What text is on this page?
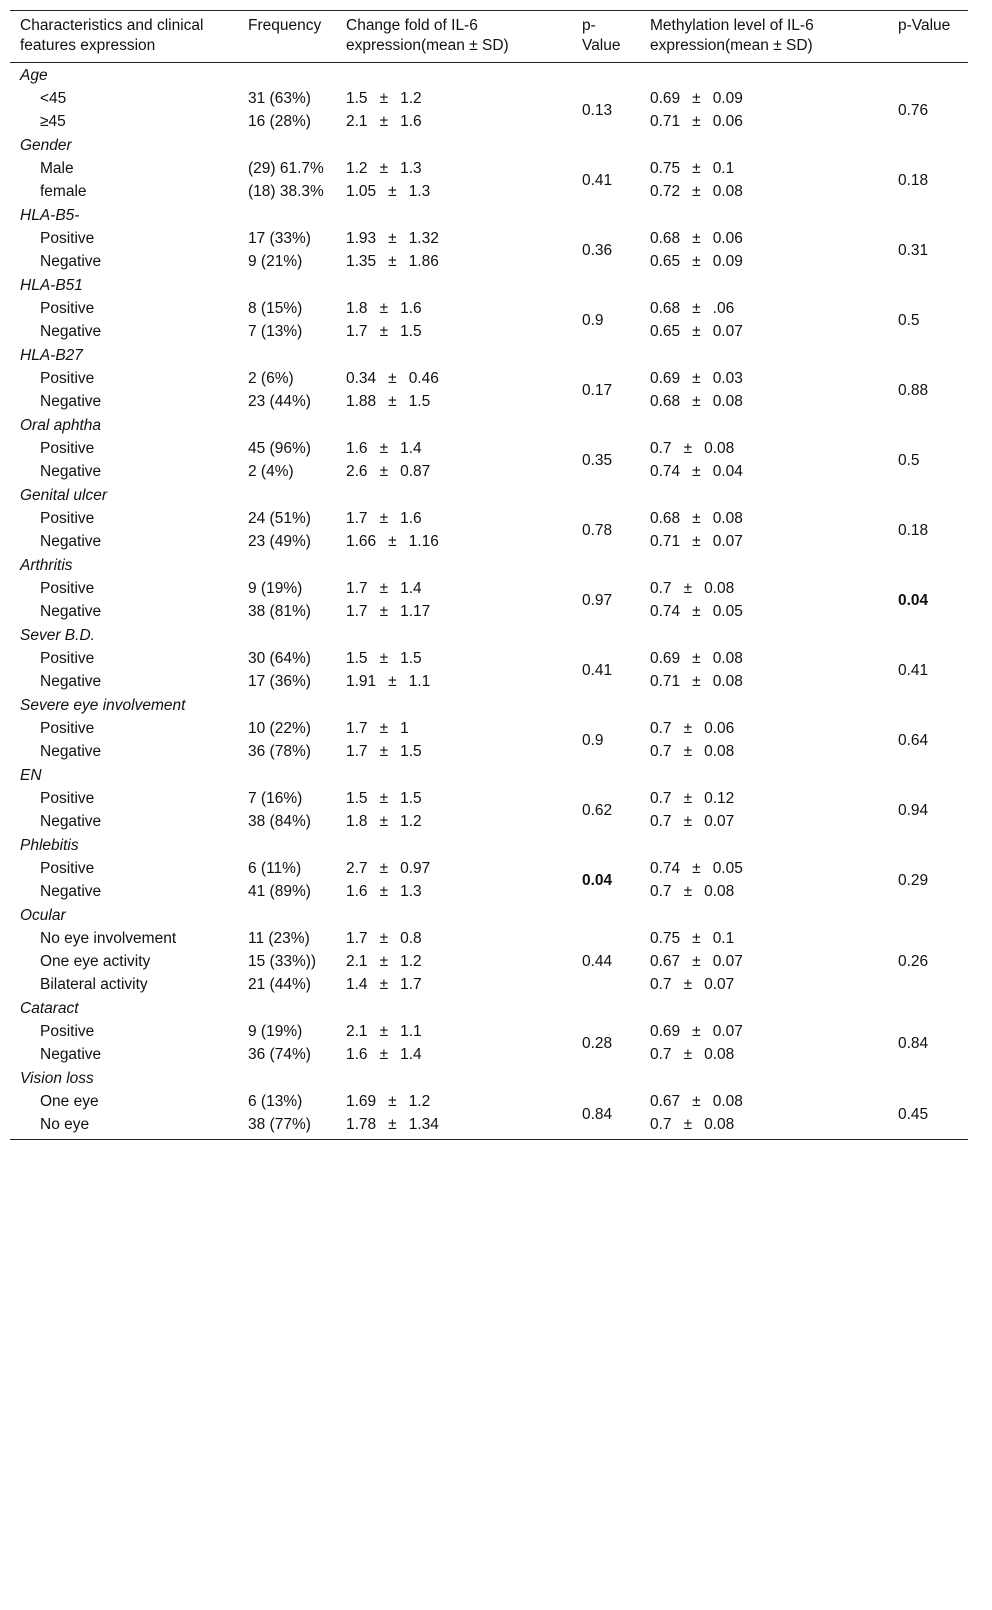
Characteristics and clinical features expression	Frequency	Change fold of IL-6 expression(mean ± SD)	p-Value	Methylation level of IL-6 expression(mean ± SD)	p-Value
Age					
<45	31 (63%)	1.5 ± 1.2	0.13	0.69 ± 0.09	0.76
≥45	16 (28%)	2.1 ± 1.6		0.71 ± 0.06	
Gender					
Male	(29) 61.7%	1.2 ± 1.3	0.41	0.75 ± 0.1	0.18
female	(18) 38.3%	1.05 ± 1.3		0.72 ± 0.08	
HLA-B5-					
Positive	17 (33%)	1.93 ± 1.32	0.36	0.68 ± 0.06	0.31
Negative	9 (21%)	1.35 ± 1.86		0.65 ± 0.09	
HLA-B51					
Positive	8 (15%)	1.8 ± 1.6	0.9	0.68 ± .06	0.5
Negative	7 (13%)	1.7 ± 1.5		0.65 ± 0.07	
HLA-B27					
Positive	2 (6%)	0.34 ± 0.46	0.17	0.69 ± 0.03	0.88
Negative	23 (44%)	1.88 ± 1.5		0.68 ± 0.08	
Oral aphtha					
Positive	45 (96%)	1.6 ± 1.4	0.35	0.7 ± 0.08	0.5
Negative	2 (4%)	2.6 ± 0.87		0.74 ± 0.04	
Genital ulcer					
Positive	24 (51%)	1.7 ± 1.6	0.78	0.68 ± 0.08	0.18
Negative	23 (49%)	1.66 ± 1.16		0.71 ± 0.07	
Arthritis					
Positive	9 (19%)	1.7 ± 1.4	0.97	0.7 ± 0.08	0.04
Negative	38 (81%)	1.7 ± 1.17		0.74 ± 0.05	
Sever B.D.					
Positive	30 (64%)	1.5 ± 1.5	0.41	0.69 ± 0.08	0.41
Negative	17 (36%)	1.91 ± 1.1		0.71 ± 0.08	
Severe eye involvement					
Positive	10 (22%)	1.7 ± 1	0.9	0.7 ± 0.06	0.64
Negative	36 (78%)	1.7 ± 1.5		0.7 ± 0.08	
EN					
Positive	7 (16%)	1.5 ± 1.5	0.62	0.7 ± 0.12	0.94
Negative	38 (84%)	1.8 ± 1.2		0.7 ± 0.07	
Phlebitis					
Positive	6 (11%)	2.7 ± 0.97	0.04	0.74 ± 0.05	0.29
Negative	41 (89%)	1.6 ± 1.3		0.7 ± 0.08	
Ocular					
No eye involvement	11 (23%)	1.7 ± 0.8	0.44	0.75 ± 0.1	0.26
One eye activity	15 (33%))	2.1 ± 1.2		0.67 ± 0.07	
Bilateral activity	21 (44%)	1.4 ± 1.7		0.7 ± 0.07	
Cataract					
Positive	9 (19%)	2.1 ± 1.1	0.28	0.69 ± 0.07	0.84
Negative	36 (74%)	1.6 ± 1.4		0.7 ± 0.08	
Vision loss					
One eye	6 (13%)	1.69 ± 1.2	0.84	0.67 ± 0.08	0.45
No eye	38 (77%)	1.78 ± 1.34		0.7 ± 0.08	
